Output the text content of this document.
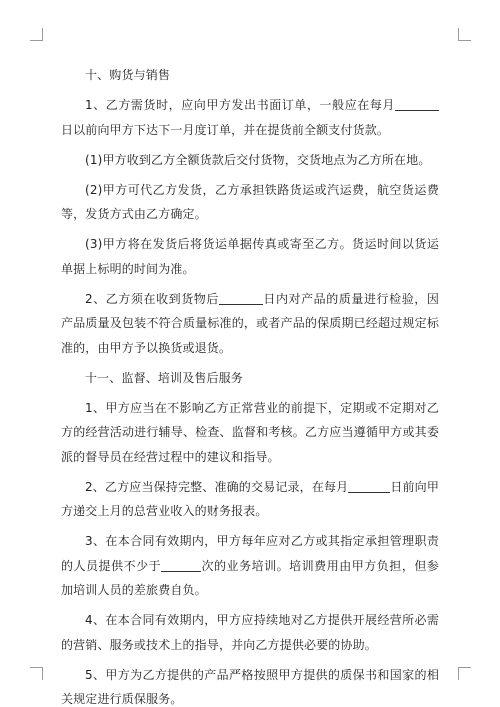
十、购货与销售

1、乙方需货时，应向甲方发出书面订单，一般应在每月日以前向甲方下达下一月度订单，并在提货前全额支付货款。

(1)甲方收到乙方全额货款后交付货物，交货地点为乙方所在地。

(2)甲方可代乙方发货，乙方承担铁路货运或汽运费，航空货运费等，发货方式由乙方确定。

(3)甲方将在发货后将货运单据传真或寄至乙方。货运时间以货运单据上标明的时间为准。

2、乙方须在收到货物后	日内对产品的质量进行检验，因产品质量及包装不符合质量标准的，或者产品的保质期已经超过规定标准的，由甲方予以换货或退货。

十一、监督、培训及售后服务

1、甲方应当在不影响乙方正常营业的前提下，定期或不定期对乙方的经营活动进行辅导、检查、监督和考核。乙方应当遵循甲方或其委派的督导员在经营过程中的建议和指导。

2、乙方应当保持完整、准确的交易记录，在每月	日前向甲方递交上月的总营业收入的财务报表。

3、在本合同有效期内，甲方每年应对乙方或其指定承担管理职责的人员提供不少于	次的业务培训。培训费用由甲方负担，但参加培训人员的差旅费自负。

4、在本合同有效期内，甲方应持续地对乙方提供开展经营所必需的营销、服务或技术上的指导，并向乙方提供必要的协助。

5、甲方为乙方提供的产品严格按照甲方提供的质保书和国家的相关规定进行质保服务。
